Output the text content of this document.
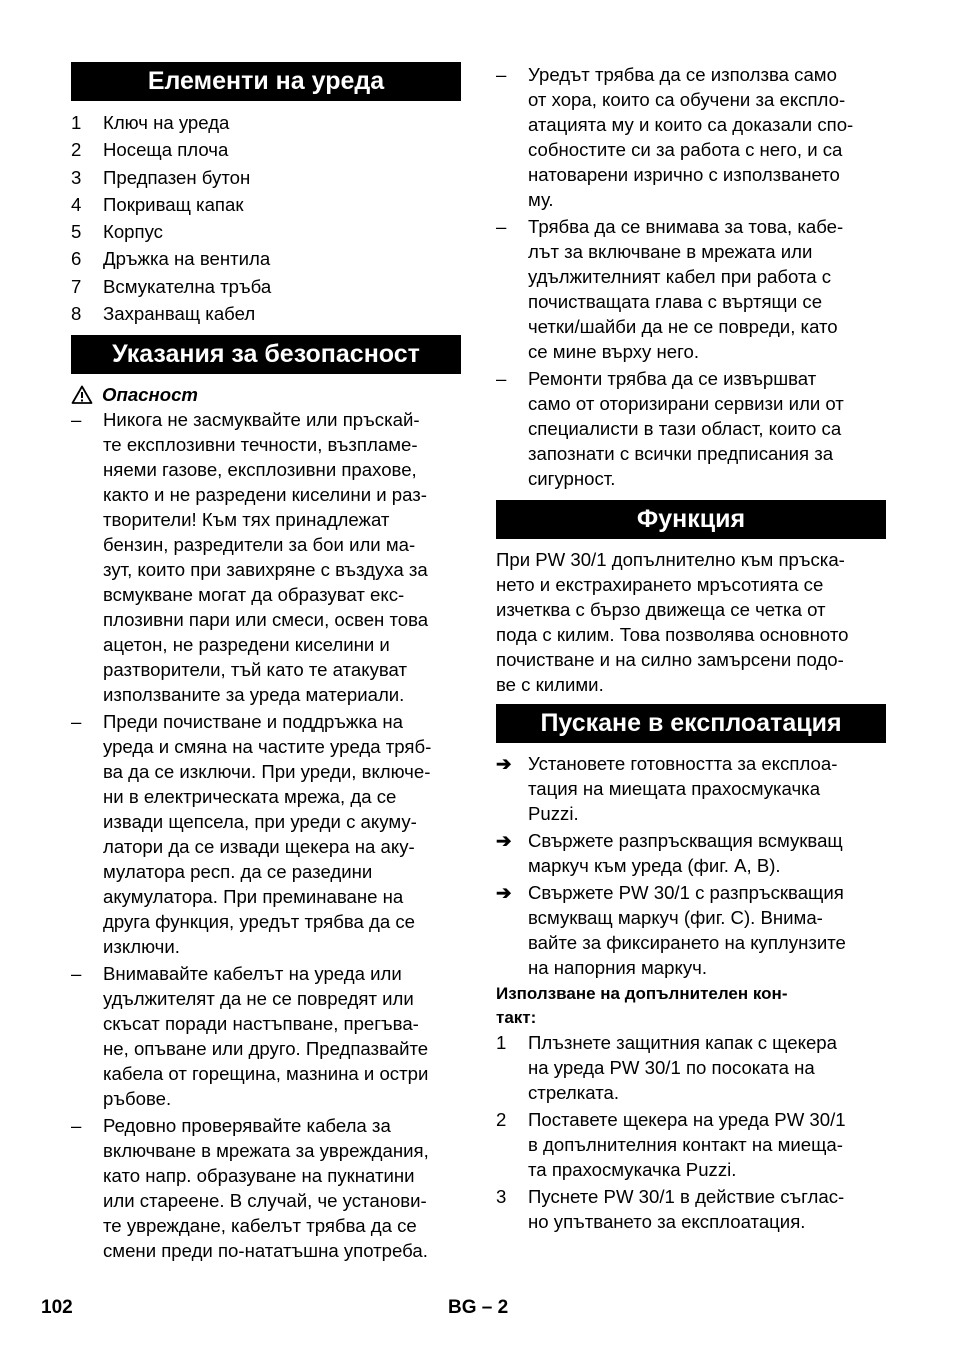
Елементи на уреда
1	Ключ на уреда
2	Носеща плоча
3	Предпазен бутон
4	Покриващ капак
5	Корпус
6	Дръжка на вентила
7	Всмукателна тръба
8	Захранващ кабел
Указания за безопасност
Опасност
–	Никога не засмуквайте или пръскай-
те експлозивни течности, възпламе-
няеми газове, експлозивни прахове,
както и не разредени киселини и раз-
творители! Към тях принадлежат
бензин, разредители за бои или ма-
зут, които при завихряне с въздуха за
всмукване могат да образуват екс-
плозивни пари или смеси, освен това
ацетон, не разредени киселини и
разтворители, тъй като те атакуват
използваните за уреда материали.
–	Преди почистване и поддръжка на
уреда и смяна на частите уреда тряб-
ва да се изключи. При уреди, включе-
ни в електрическата мрежа, да се
извади щепсела, при уреди с акуму-
латори да се извади щекера на аку-
мулатора респ. да се разедини
акумулатора. При преминаване на
друга функция, уредът трябва да се
изключи.
–	Внимавайте кабелът на уреда или
удължителят да не се повредят или
скъсат поради настъпване, прегъва-
не, опъване или друго. Предпазвайте
кабела от горещина, мазнина и остри
ръбове.
–	Редовно проверявайте кабела за
включване в мрежата за увреждания,
като напр. образуване на пукнатини
или стареене. В случай, че установи-
те увреждане, кабелът трябва да се
смени преди по-нататъшна употреба.
–	Уредът трябва да се използва само
от хора, които са обучени за експло-
атацията му и които са доказали спо-
собностите си за работа с него, и са
натоварени изрично с използването
му.
–	Трябва да се внимава за това, кабе-
лът за включване в мрежата или
удължителният кабел при работа с
почистващата глава с въртящи се
четки/шайби да не се повреди, като
се мине върху него.
–	Ремонти трябва да се извършват
само от оторизирани сервизи или от
специалисти в тази област, които са
запознати с всички предписания за
сигурност.
Функция
При PW 30/1 допълнително към пръска-
нето и екстрахирането мръсотията се
изчетква с бързо движеща се четка от
пода с килим. Това позволява основното
почистване и на силно замърсени подо-
ве с килими.
Пускане в експлоатация
➔ Установете готовността за експлоа-
тация на миещата прахосмукачка
Puzzi.
➔ Свържете разпръскващия всмукващ
маркуч към уреда (фиг. A, B).
➔ Свържете PW 30/1 с разпръскващия
всмукващ маркуч (фиг. C). Внима-
вайте за фиксирането на куплунзите
на напорния маркуч.
Използване на допълнителен кон-
такт:
1	Плъзнете защитния капак с щекера
на уреда PW 30/1 по посоката на
стрелката.
2	Поставете щекера на уреда PW 30/1
в допълнителния контакт на миеща-
та прахосмукачка Puzzi.
3	Пуснете PW 30/1 в действие съглас-
но упътването за експлоатация.
102	BG – 2
